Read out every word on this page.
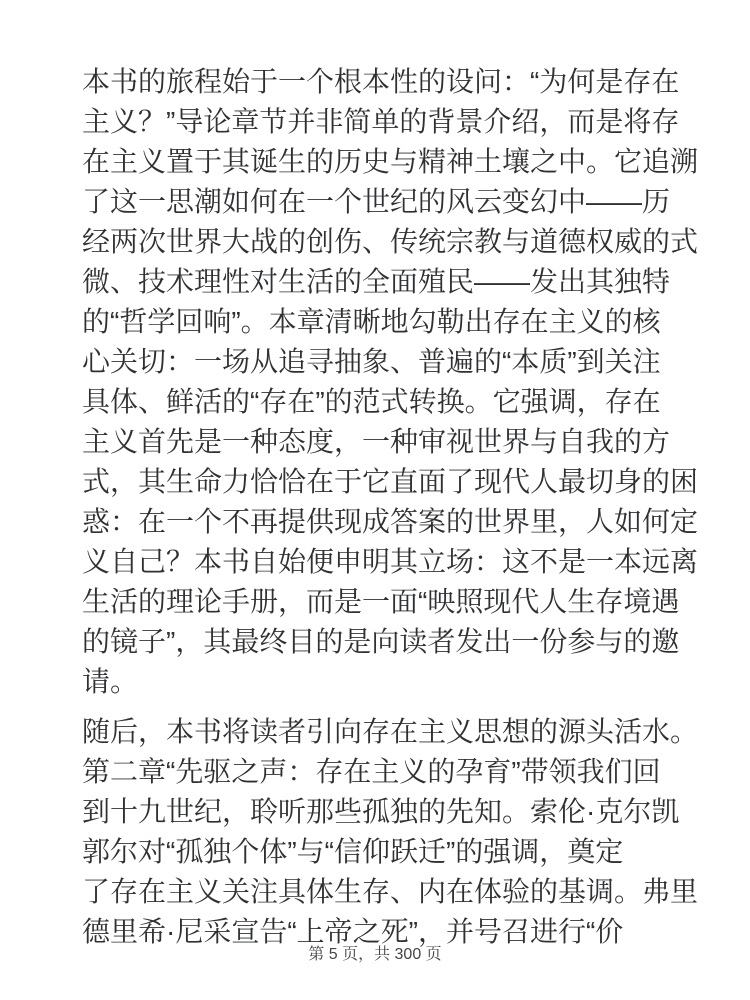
本书的旅程始于一个根本性的设问：“为何是存在
主义？”导论章节并非简单的背景介绍，而是将存
在主义置于其诞生的历史与精神土壤之中。它追溯
了这一思潮如何在一个世纪的风云变幻中——历
经两次世界大战的创伤、传统宗教与道德权威的式
微、技术理性对生活的全面殖民——发出其独特
的“哲学回响”。本章清晰地勾勒出存在主义的核
心关切：一场从追寻抽象、普遍的“本质”到关注
具体、鲜活的“存在”的范式转换。它强调，存在
主义首先是一种态度，一种审视世界与自我的方
式，其生命力恰恰在于它直面了现代人最切身的困
惑：在一个不再提供现成答案的世界里，人如何定
义自己？本书自始便申明其立场：这不是一本远离
生活的理论手册，而是一面“映照现代人生存境遇
的镜子”，其最终目的是向读者发出一份参与的邀
请。
随后，本书将读者引向存在主义思想的源头活水。
第二章“先驱之声：存在主义的孕育”带领我们回
到十九世纪，聆听那些孤独的先知。索伦·克尔凯
郭尔对“孤独个体”与“信仰跃迁”的强调，奠定
了存在主义关注具体生存、内在体验的基调。弗里
德里希·尼采宣告“上帝之死”，并号召进行“价
第 5 页，共 300 页
